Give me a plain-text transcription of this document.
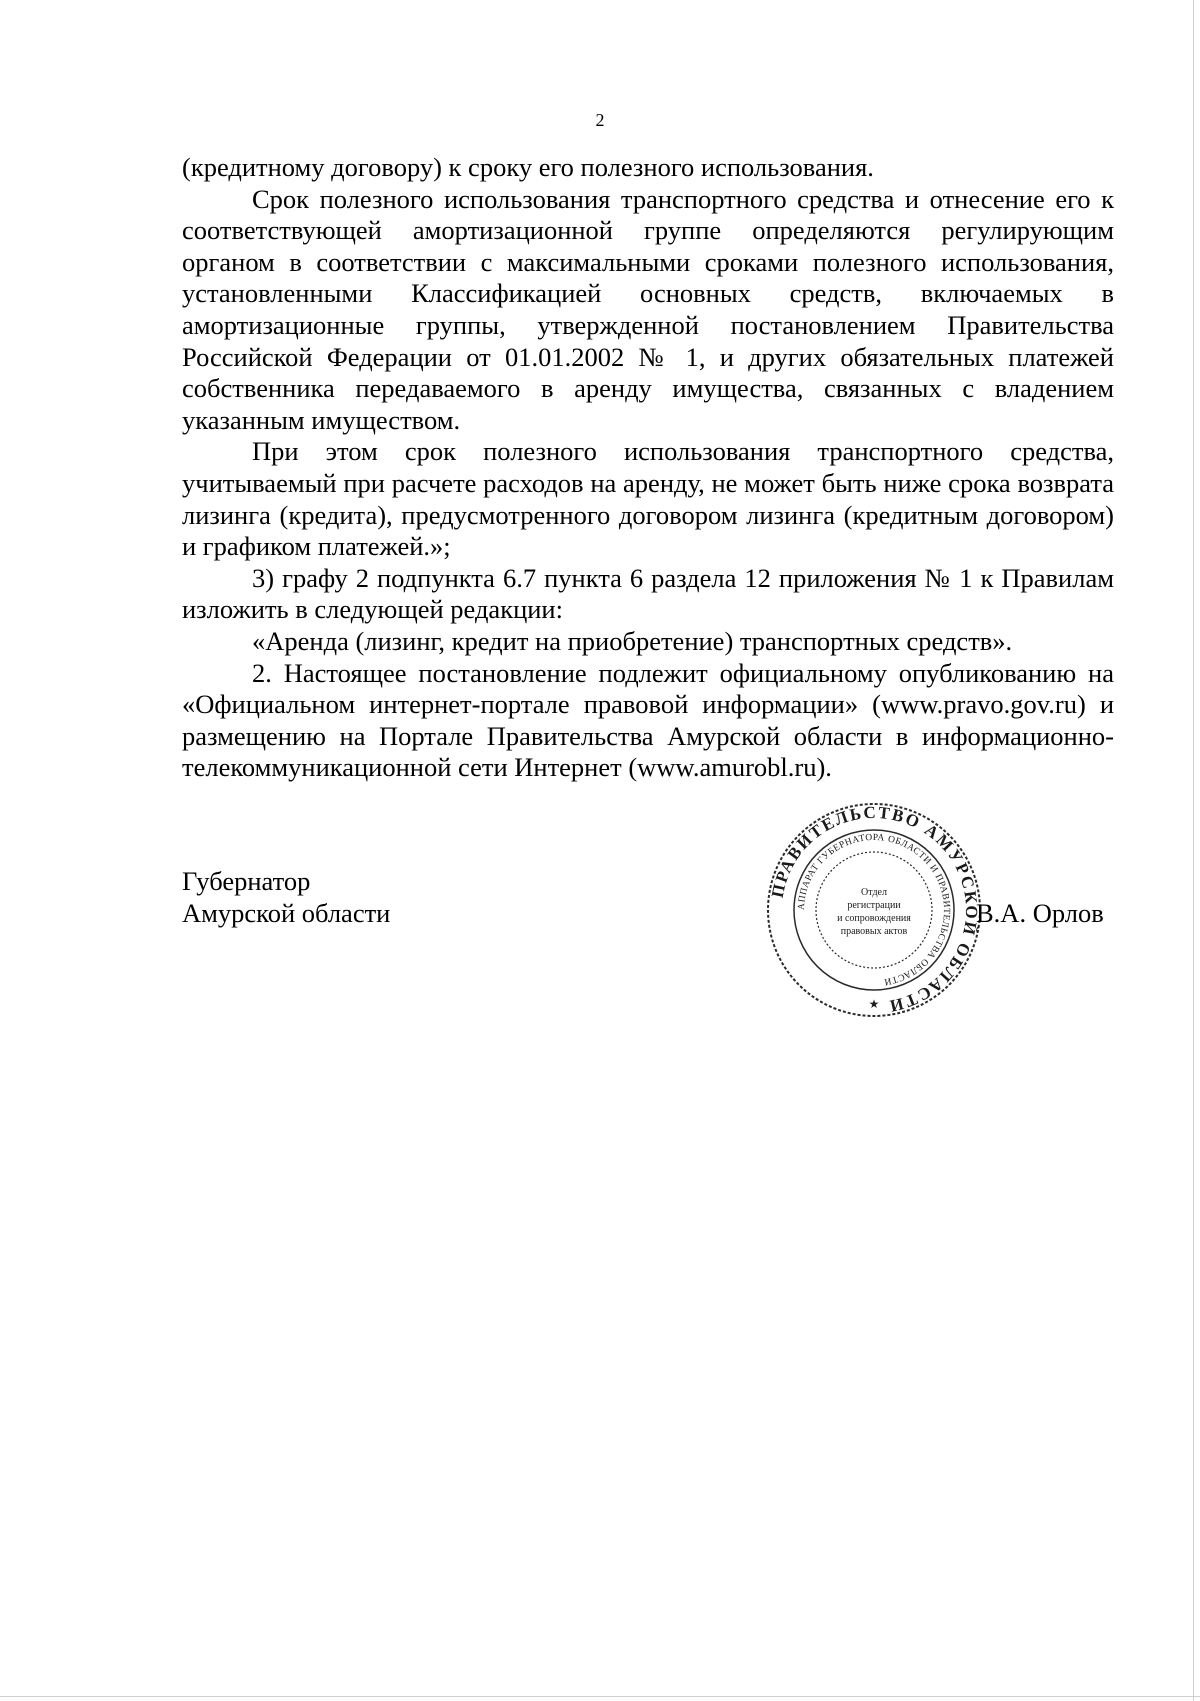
2

(кредитному договору) к сроку его полезного использования.

Срок полезного использования транспортного средства и отнесение его к соответствующей амортизационной группе определяются регулирующим органом в соответствии с максимальными сроками полезного использования, установленными Классификацией основных средств, включаемых в амортизационные группы, утвержденной постановлением Правительства Российской Федерации от 01.01.2002 № 1, и других обязательных платежей собственника передаваемого в аренду имущества, связанных с владением указанным имуществом.

При этом срок полезного использования транспортного средства, учитываемый при расчете расходов на аренду, не может быть ниже срока возврата лизинга (кредита), предусмотренного договором лизинга (кредитным договором) и графиком платежей.»;

3) графу 2 подпункта 6.7 пункта 6 раздела 12 приложения № 1 к Правилам изложить в следующей редакции:

«Аренда (лизинг, кредит на приобретение) транспортных средств».

2. Настоящее постановление подлежит официальному опубликованию на «Официальном интернет-портале правовой информации» (www.pravo.gov.ru) и размещению на Портале Правительства Амурской области в информационно-телекоммуникационной сети Интернет (www.amurobl.ru).

Губернатор
Амурской области
ПРАВИТЕЛЬСТВО АМУРСКОЙ ОБЛАСТИ
АППАРАТ ГУБЕРНАТОРА ОБЛАСТИ И ПРАВИТЕЛЬСТВА ОБЛАСТИ
Отдел
регистрации
и сопровождения
правовых актов
★
В.А. Орлов
